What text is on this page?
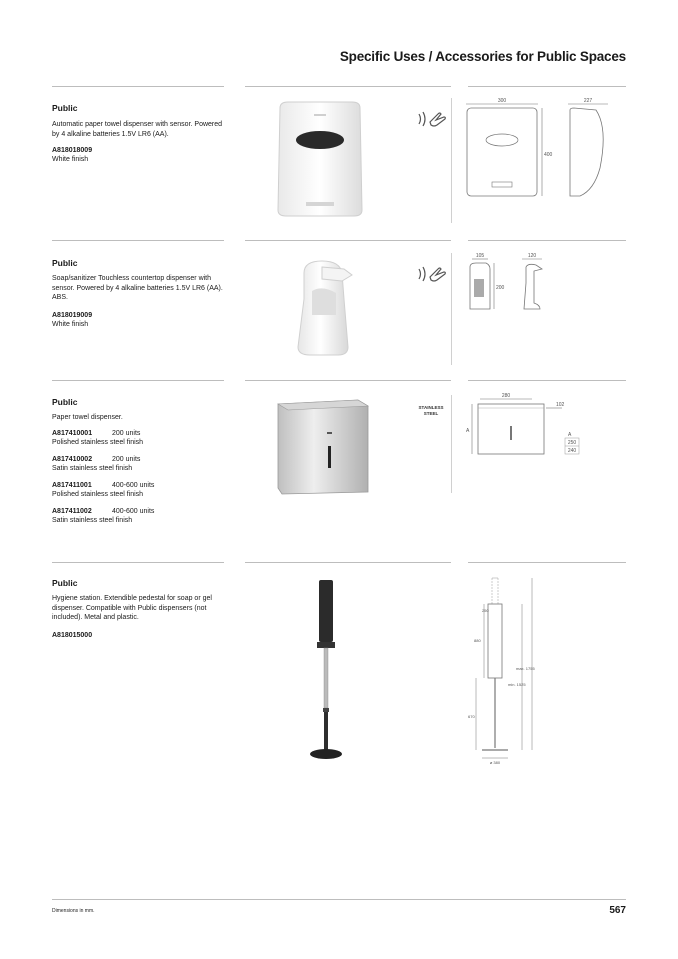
Specific Uses / Accessories for Public Spaces
Public
Automatic paper towel dispenser with sensor. Powered by 4 alkaline batteries 1.5V LR6 (AA).
A818018009
White finish
300
400
227
Public
Soap/sanitizer Touchless countertop dispenser with sensor. Powered by 4 alkaline batteries 1.5V LR6 (AA). ABS.
A818019009
White finish
105
200
120
Public
Paper towel dispenser.
A817410001	200 units
Polished stainless steel finish
A817410002	200 units
Satin stainless steel finish
A817411001	400-600 units
Polished stainless steel finish
A817411002	400-600 units
Satin stainless steel finish
STAINLESS STEEL
280
A
102
A
250
240
Public
Hygiene station. Extendible pedestal for soap or gel dispenser. Compatible with Public dispensers (not included). Metal and plastic.
A818015000
250
880
max. 1755
min. 1525
670
⌀ 380
Dimensions in mm.	567
